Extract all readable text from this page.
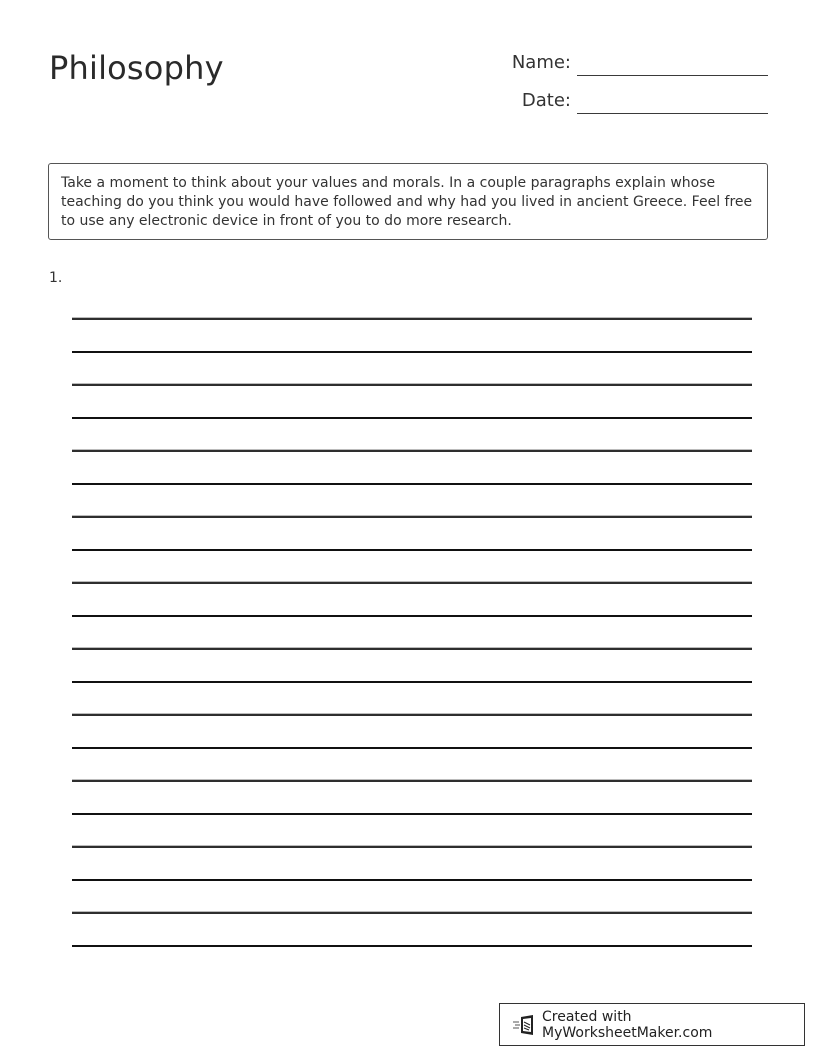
Philosophy	Name:
Date:
Take a moment to think about your values and morals. In a couple paragraphs explain whose teaching do you think you would have followed and why had you lived in ancient Greece. Feel free to use any electronic device in front of you to do more research.
1.
Created with MyWorksheetMaker.com
